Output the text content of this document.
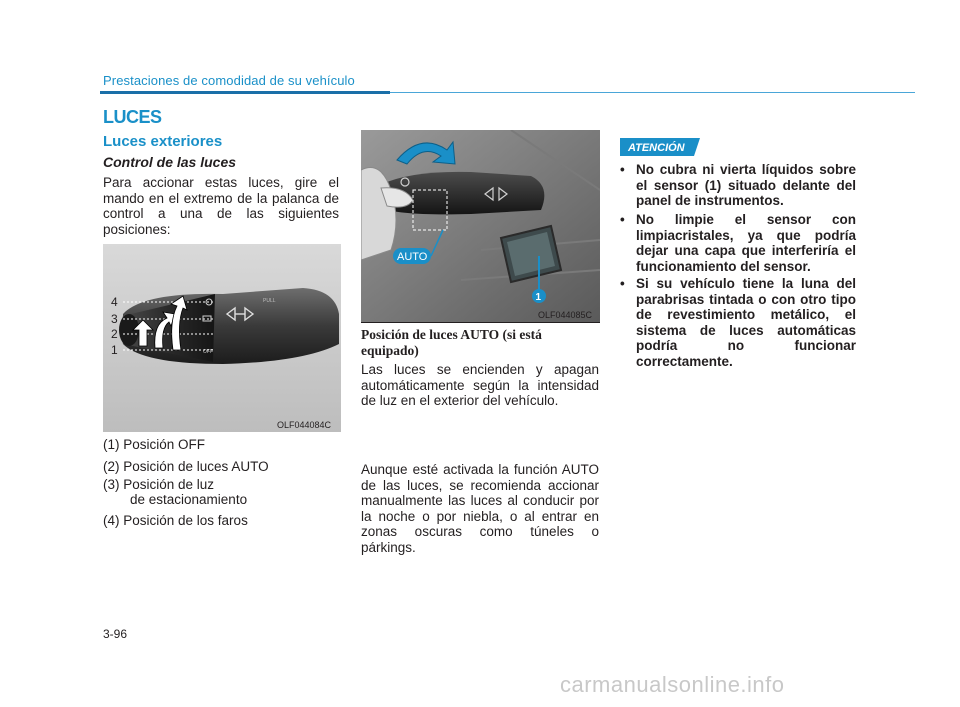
Prestaciones de comodidad de su vehículo
LUCES
Luces exteriores
Control de las luces
Para accionar estas luces, gire el mando en el extremo de la palanca de control a una de las siguientes posiciones:
OFF
PULL
4
3
2
1
OLF044084C
(1) Posición OFF
(2) Posición de luces AUTO
(3) Posición de luz
de estacionamiento
(4) Posición de los faros
AUTO
1
OLF044085C
Posición de luces AUTO (si está equipado)
Las luces se encienden y apagan automáticamente según la intensidad de luz en el exterior del vehículo.
Aunque esté activada la función AUTO de las luces, se recomienda accionar manualmente las luces al conducir por la noche o por niebla, o al entrar en zonas oscuras como túneles o párkings.
ATENCIÓN
• No cubra ni vierta líquidos sobre el sensor (1) situado delante del panel de instrumentos.
• No limpie el sensor con limpiacristales, ya que podría dejar una capa que interferiría el funcionamiento del sensor.
• Si su vehículo tiene la luna del parabrisas tintada o con otro tipo de revestimiento metálico, el sistema de luces automáticas podría no funcionar correctamente.
3-96
carmanualsonline.info
